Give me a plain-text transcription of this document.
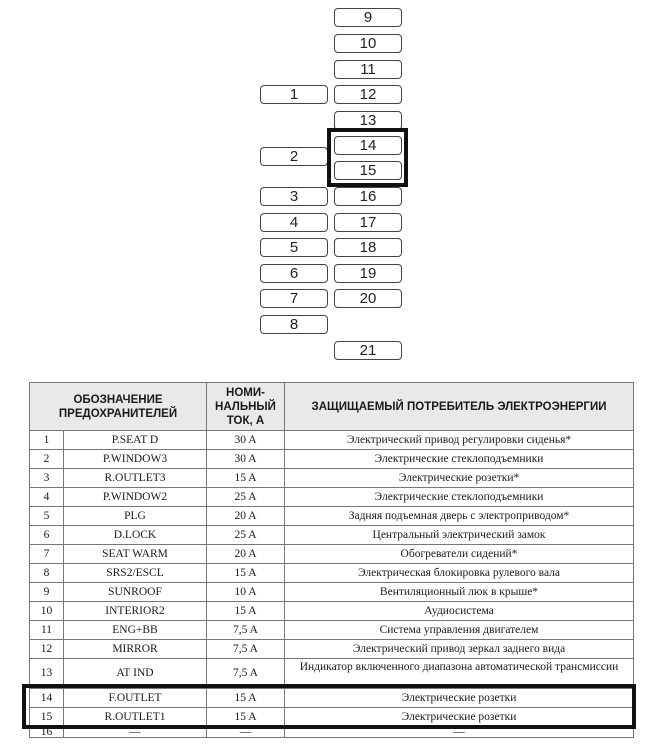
9
10
11
12
13
14
15
16
17
18
19
20
21
1
2
3
4
5
6
7
8
ОБОЗНАЧЕНИЕ ПРЕДОХРАНИТЕЛЕЙ		НОМИ-НАЛЬНЫЙ ТОК, А	ЗАЩИЩАЕМЫЙ ПОТРЕБИТЕЛЬ ЭЛЕКТРОЭНЕРГИИ
1	P.SEAT D	30 A	Электрический привод регулировки сиденья*
2	P.WINDOW3	30 A	Электрические стеклоподъемники
3	R.OUTLET3	15 A	Электрические розетки*
4	P.WINDOW2	25 A	Электрические стеклоподъемники
5	PLG	20 A	Задняя подъемная дверь с электроприводом*
6	D.LOCK	25 A	Центральный электрический замок
7	SEAT WARM	20 A	Обогреватели сидений*
8	SRS2/ESCL	15 A	Электрическая блокировка рулевого вала
9	SUNROOF	10 A	Вентиляционный люк в крыше*
10	INTERIOR2	15 A	Аудиосистема
11	ENG+BB	7,5 A	Система управления двигателем
12	MIRROR	7,5 A	Электрический привод зеркал заднего вида
13	AT IND	7,5 A	Индикатор включенного диапазона автоматической трансмиссии
14	F.OUTLET	15 A	Электрические розетки
15	R.OUTLET1	15 A	Электрические розетки
16	—	—	—
